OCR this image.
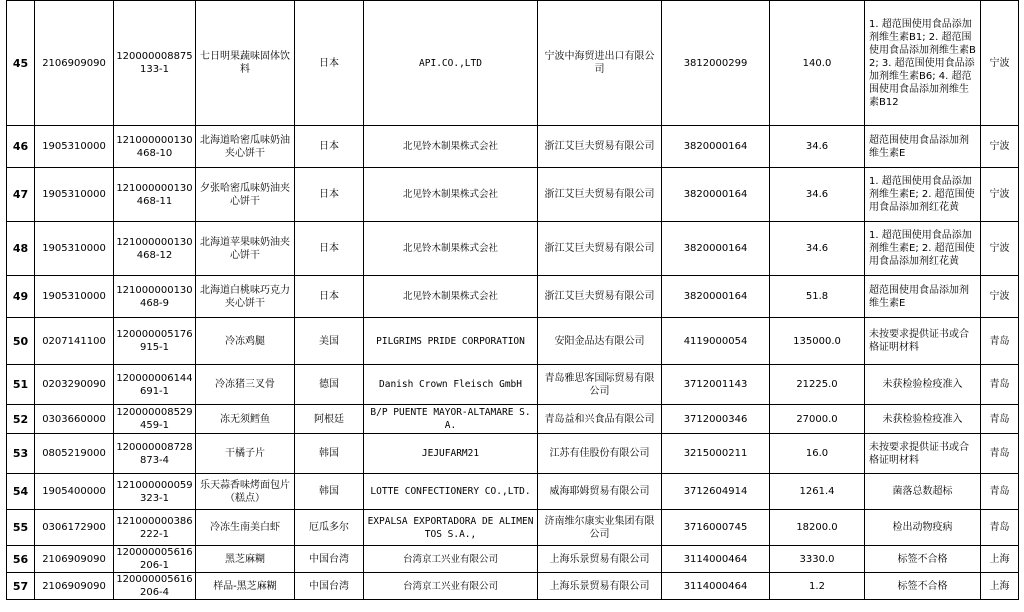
45	2106909090	120000008875133-1	七日明果蔬味固体饮料	日本	API.CO.,LTD	宁波中海贸进出口有限公司	3812000299	140.0	1. 超范围使用食品添加剂维生素B1; 2. 超范围使用食品添加剂维生素B2; 3. 超范围使用食品添加剂维生素B6; 4. 超范围使用食品添加剂维生素B12	宁波
46	1905310000	121000000130468-10	北海道哈密瓜味奶油夹心饼干	日本	北见铃木制果株式会社	浙江艾巨夫贸易有限公司	3820000164	34.6	超范围使用食品添加剂维生素E	宁波
47	1905310000	121000000130468-11	夕张哈密瓜味奶油夹心饼干	日本	北见铃木制果株式会社	浙江艾巨夫贸易有限公司	3820000164	34.6	1. 超范围使用食品添加剂维生素E; 2. 超范围使用食品添加剂红花黄	宁波
48	1905310000	121000000130468-12	北海道苹果味奶油夹心饼干	日本	北见铃木制果株式会社	浙江艾巨夫贸易有限公司	3820000164	34.6	1. 超范围使用食品添加剂维生素E; 2. 超范围使用食品添加剂红花黄	宁波
49	1905310000	121000000130468-9	北海道白桃味巧克力夹心饼干	日本	北见铃木制果株式会社	浙江艾巨夫贸易有限公司	3820000164	51.8	超范围使用食品添加剂维生素E	宁波
50	0207141100	120000005176915-1	冷冻鸡腿	美国	PILGRIMS PRIDE CORPORATION	安阳金品达有限公司	4119000054	135000.0	未按要求提供证书或合格证明材料	青岛
51	0203290090	120000006144691-1	冷冻猪三叉骨	德国	Danish Crown Fleisch GmbH	青岛雅思客国际贸易有限公司	3712001143	21225.0	未获检验检疫准入	青岛
52	0303660000	120000008529459-1	冻无须鳕鱼	阿根廷	B/P PUENTE MAYOR-ALTAMARE S.A.	青岛益和兴食品有限公司	3712000346	27000.0	未获检验检疫准入	青岛
53	0805219000	120000008728873-4	干橘子片	韩国	JEJUFARM21	江苏有佳股份有限公司	3215000211	16.0	未按要求提供证书或合格证明材料	青岛
54	1905400000	121000000059323-1	乐天蒜香味烤面包片（糕点）	韩国	LOTTE CONFECTIONERY CO.,LTD.	威海耶姆贸易有限公司	3712604914	1261.4	菌落总数超标	青岛
55	0306172900	121000000386222-1	冷冻生南美白虾	厄瓜多尔	EXPALSA EXPORTADORA DE ALIMENTOS S.A.,	济南维尔康实业集团有限公司	3716000745	18200.0	检出动物疫病	青岛
56	2106909090	120000005616206-1	黑芝麻糊	中国台湾	台湾京工兴业有限公司	上海乐景贸易有限公司	3114000464	3330.0	标签不合格	上海
57	2106909090	120000005616206-4	样品-黑芝麻糊	中国台湾	台湾京工兴业有限公司	上海乐景贸易有限公司	3114000464	1.2	标签不合格	上海
